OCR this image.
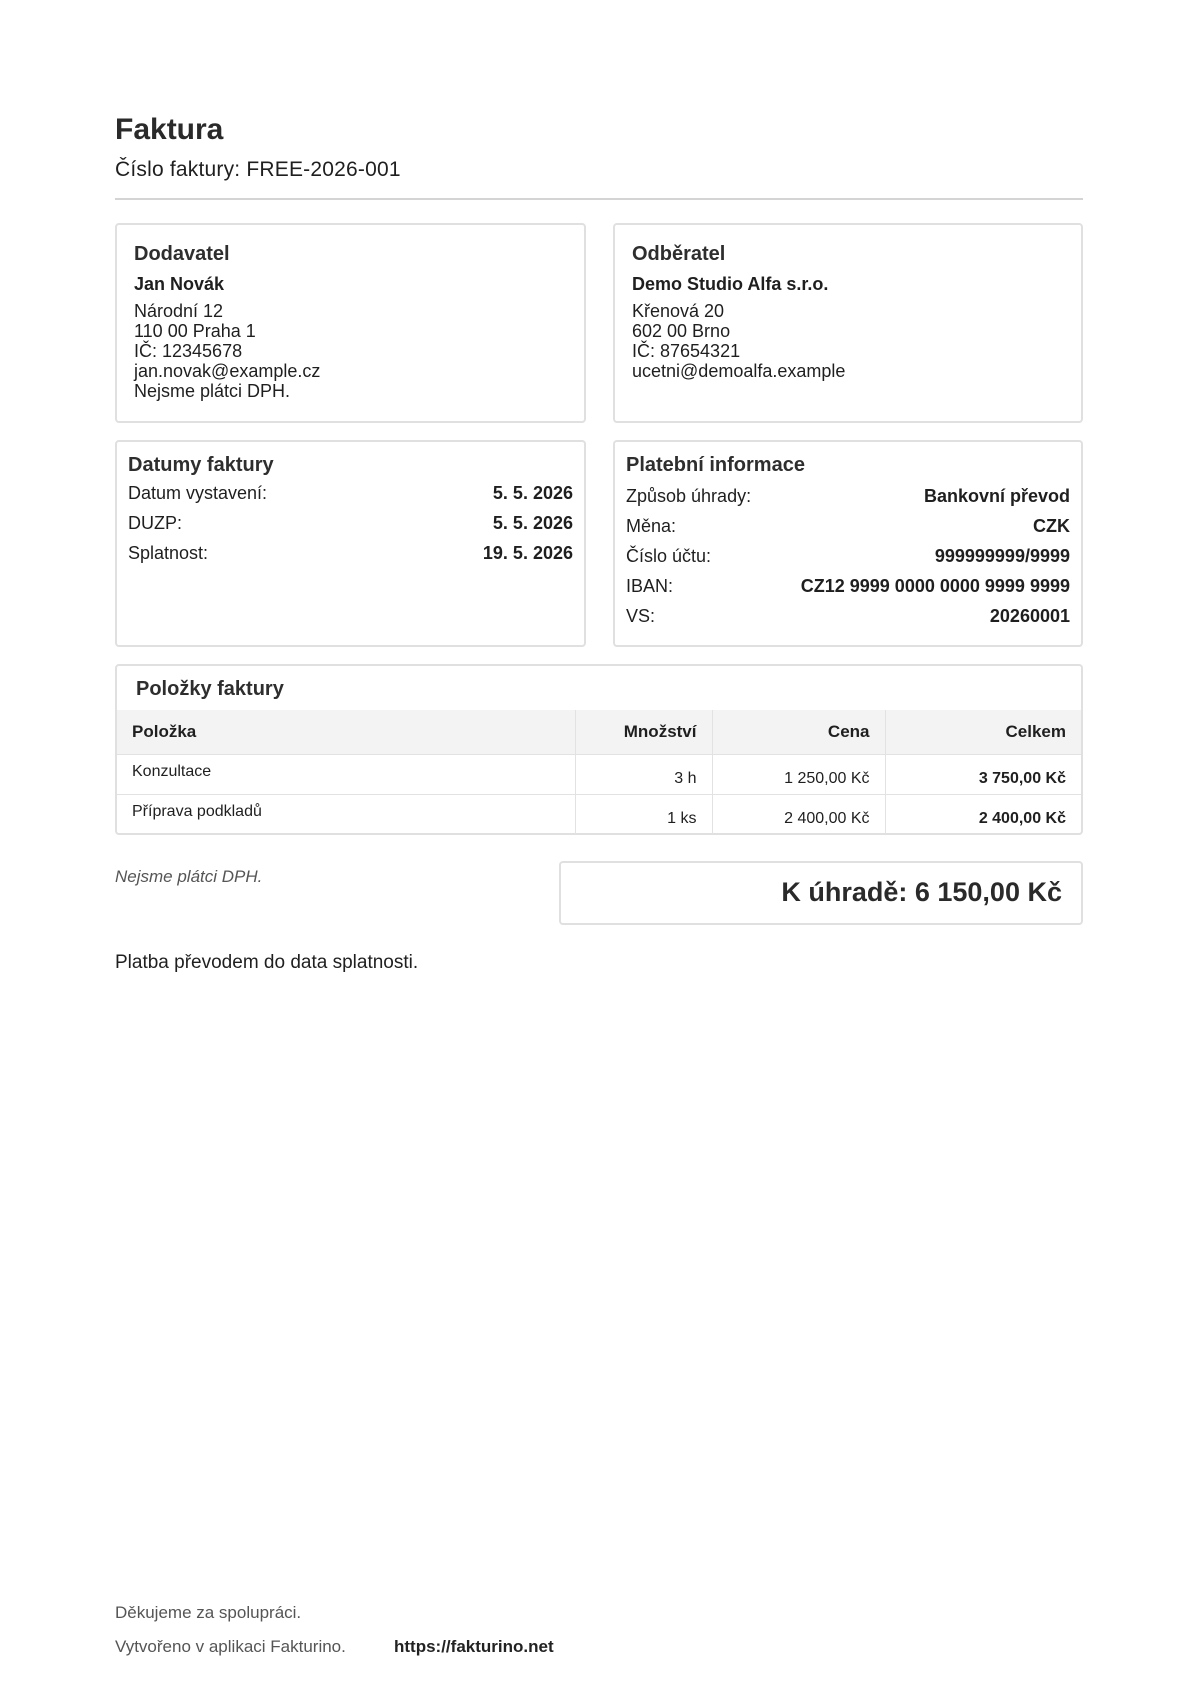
Faktura
Číslo faktury: FREE-2026-001
Dodavatel
Jan Novák
Národní 12
110 00 Praha 1
IČ: 12345678
jan.novak@example.cz
Nejsme plátci DPH.
Odběratel
Demo Studio Alfa s.r.o.
Křenová 20
602 00 Brno
IČ: 87654321
ucetni@demoalfa.example
Datumy faktury
Datum vystavení:	5. 5. 2026
DUZP:	5. 5. 2026
Splatnost:	19. 5. 2026
Platební informace
Způsob úhrady:	Bankovní převod
Měna:	CZK
Číslo účtu:	999999999/9999
IBAN:	CZ12 9999 0000 0000 9999 9999
VS:	20260001
Položky faktury
Položka	Množství	Cena	Celkem
Konzultace	3 h	1 250,00 Kč	3 750,00 Kč
Příprava podkladů	1 ks	2 400,00 Kč	2 400,00 Kč
Nejsme plátci DPH.
K úhradě: 6 150,00 Kč
Platba převodem do data splatnosti.
Děkujeme za spolupráci.
Vytvořeno v aplikaci Fakturino.	https://fakturino.net
